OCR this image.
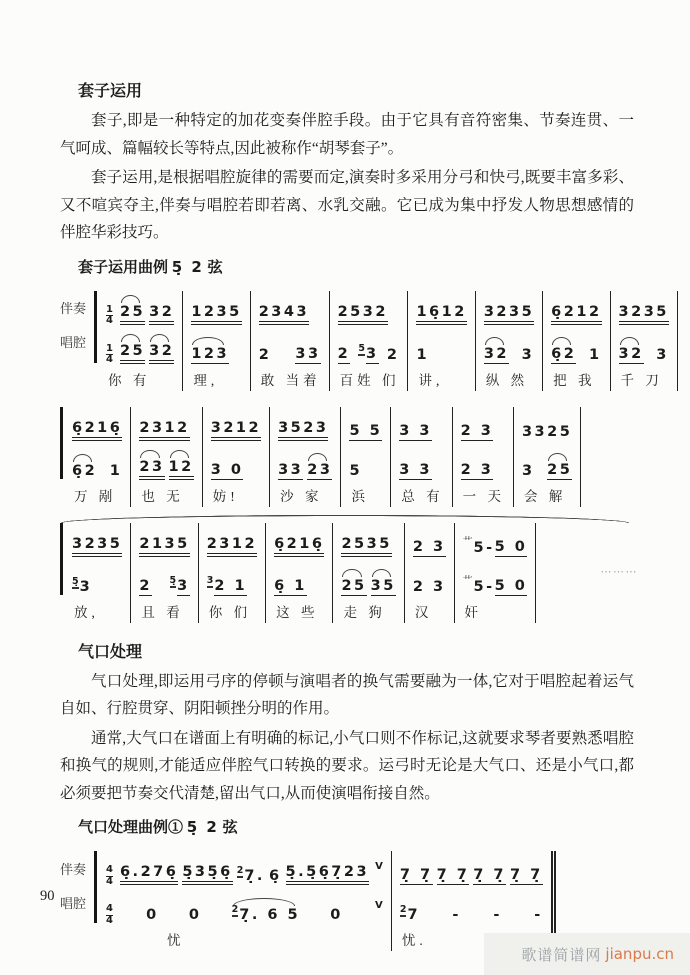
套子运用

套子,即是一种特定的加花变奏伴腔手段。由于它具有音符密集、节奏连贯、一气呵成、篇幅较长等特点,因此被称作“胡琴套子”。

套子运用,是根据唱腔旋律的需要而定,演奏时多采用分弓和快弓,既要丰富多彩、又不喧宾夺主,伴奏与唱腔若即若离、水乳交融。它已成为集中抒发人物思想感情的伴腔华彩技巧。

套子运用曲例 5̣ 2 弦
伴奏
唱腔
$\frac{1}{4} 25$ 32
$\frac{1}{4} 25$ 32
你 有
1235
123
理,
2343
2 33
敢 当着
2532
2 $^5$3 2
百姓 们
16̣12
1
讲,
3235
32 3
纵 然
6̣212
6̣2 1
把 我
3235
32 3
千 刀
6̣216̣
6̣2 1
万 剐
2312
23 12
也 无
3212
3 0
妨!
3523
33 23
沙 家
5 5
5
浜
3 3
3 3
总 有
2 3
2 3
一 天
3325
3 25
会 解
3235
$^{5̣}$3
放,
2135
2 $^{5̣}$3
且 看
2312
$^3$2 1
你 们
6̣216̣
6̣ 1
这 些
2535
25 35
走 狗
2 3
2 3
汉
$^艹$5 - 5 0
$^艹$5 - 5 0
奸
⋯⋯⋯
气口处理

气口处理,即运用弓序的停顿与演唱者的换气需要融为一体,它对于唱腔起着运气自如、行腔贯穿、阴阳顿挫分明的作用。

通常,大气口在谱面上有明确的标记,小气口则不作标记,这就要求琴者要熟悉唱腔和换气的规则,才能适应伴腔气口转换的要求。运弓时无论是大气口、还是小气口,都必须要把节奏交代清楚,留出气口,从而使演唱衔接自然。

气口处理曲例① 5̣ 2 弦
伴奏
唱腔
$\frac{4}{4}$ 6̣.276̣ 5̣35̣6̣ $^2$7̣. 6̣ 5̣.5̣6̣7̣23 V
$\frac{4}{4} 0$ 0	$^2$7̣. 6 5 0
V
忧
7̣ 7̣ 7̣ 7̣ 7̣ 7̣ 7̣ 7̣
$^2$7 - - -
忧.
90
歌谱简谱网 jianpu.cn
